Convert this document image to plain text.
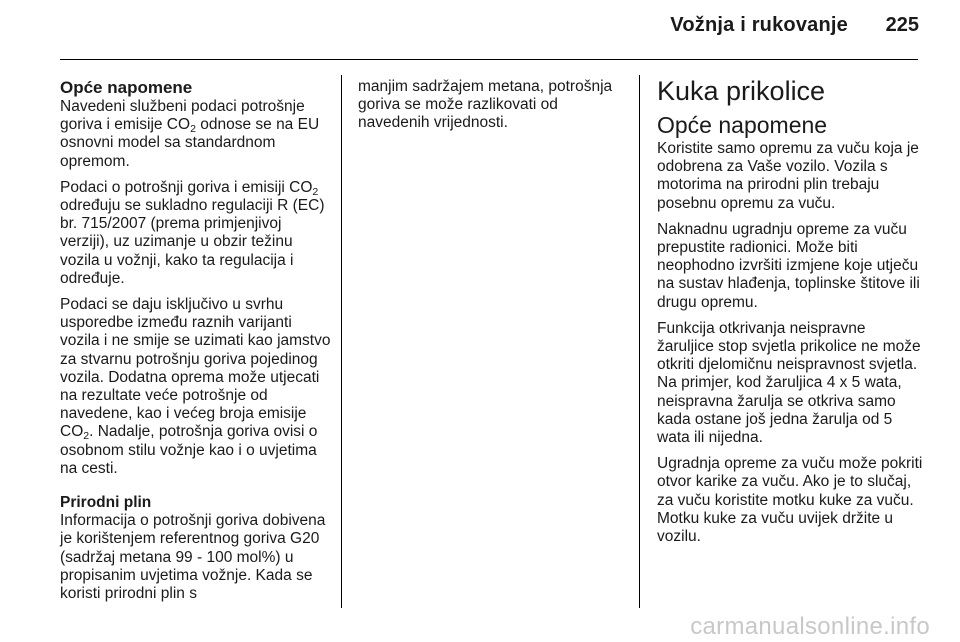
Vožnja i rukovanje 225
Opće napomene

Navedeni službeni podaci potrošnje goriva i emisije $CO_2$ odnose se na EU osnovni model sa standardnom opremom.

Podaci o potrošnji goriva i emisiji $CO_2$ određuju se sukladno regulaciji R (EC) br. 715/2007 (prema primjenjivoj verziji), uz uzimanje u obzir težinu vozila u vožnji, kako ta regulacija i određuje.

Podaci se daju isključivo u svrhu usporedbe između raznih varijanti vozila i ne smije se uzimati kao jamstvo za stvarnu potrošnju goriva pojedinog vozila. Dodatna oprema može utjecati na rezultate veće potrošnje od navedene, kao i većeg broja emisije $CO_2$. Nadalje, potrošnja goriva ovisi o osobnom stilu vožnje kao i o uvjetima na cesti.

Prirodni plin

Informacija o potrošnji goriva dobivena je korištenjem referentnog goriva G20 (sadržaj metana 99 - 100 mol%) u propisanim uvjetima vožnje. Kada se koristi prirodni plin s

manjim sadržajem metana, potrošnja goriva se može razlikovati od navedenih vrijednosti.

Kuka prikolice
Opće napomene

Koristite samo opremu za vuču koja je odobrena za Vaše vozilo. Vozila s motorima na prirodni plin trebaju posebnu opremu za vuču.

Naknadnu ugradnju opreme za vuču prepustite radionici. Može biti neophodno izvršiti izmjene koje utječu na sustav hlađenja, toplinske štitove ili drugu opremu.

Funkcija otkrivanja neispravne žaruljice stop svjetla prikolice ne može otkriti djelomičnu neispravnost svjetla. Na primjer, kod žaruljica 4 x 5 wata, neispravna žarulja se otkriva samo kada ostane još jedna žarulja od 5 wata ili nijedna.

Ugradnja opreme za vuču može pokriti otvor karike za vuču. Ako je to slučaj, za vuču koristite motku kuke za vuču. Motku kuke za vuču uvijek držite u vozilu.

carmanualsonline.info
